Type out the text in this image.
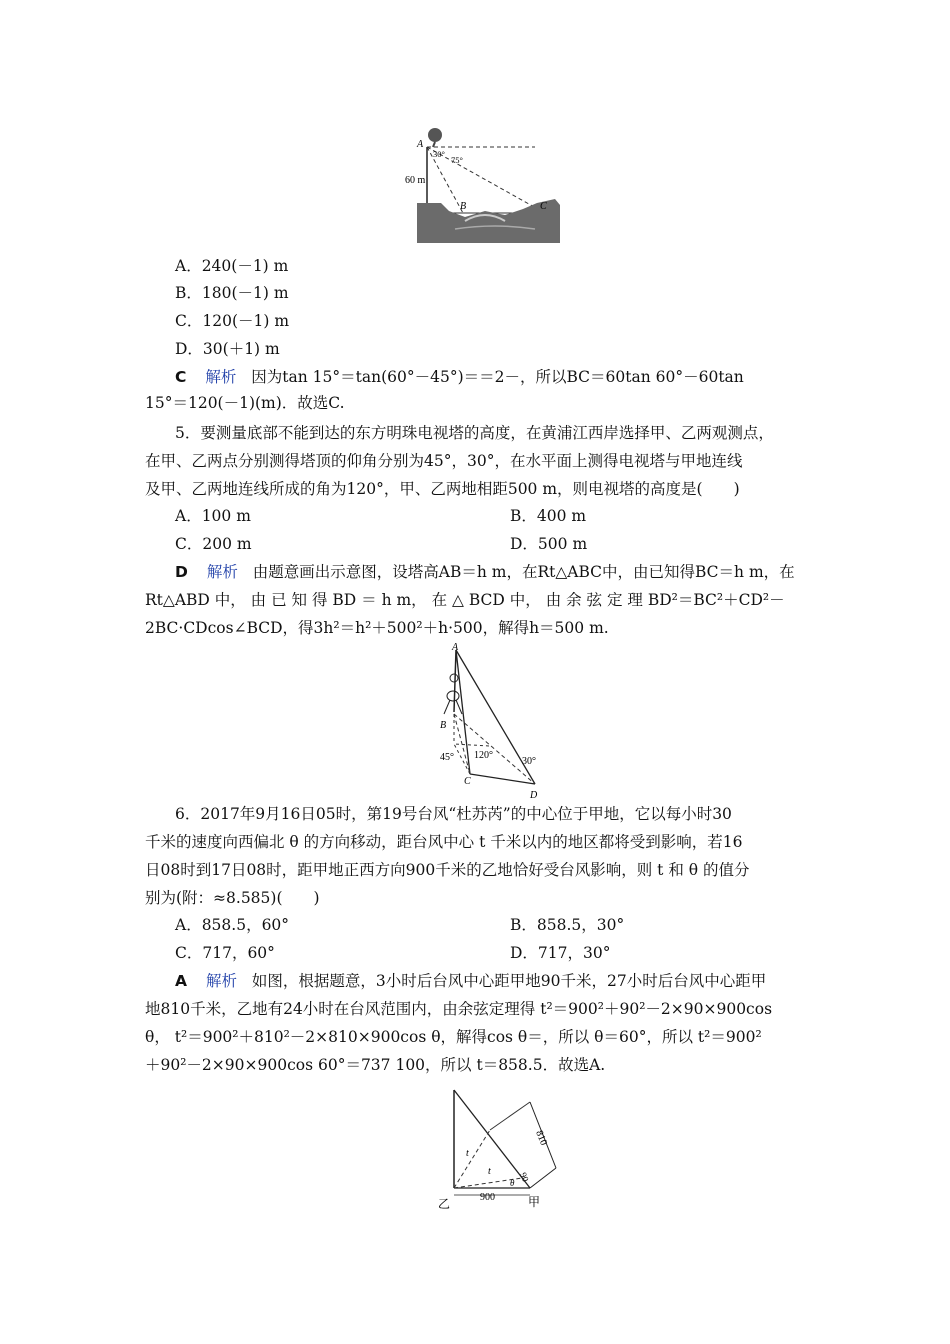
A
B	C
60 m
30°
75°
A．240(－1) m
B．180(－1) m
C．120(－1) m
D．30(＋1) m
C 解析 因为tan 15°＝tan(60°－45°)＝＝2－，所以BC＝60tan 60°－60tan
15°＝120(－1)(m)．故选C.
5．要测量底部不能到达的东方明珠电视塔的高度，在黄浦江西岸选择甲、乙两观测点，
在甲、乙两点分别测得塔顶的仰角分别为45°，30°，在水平面上测得电视塔与甲地连线
及甲、乙两地连线所成的角为120°，甲、乙两地相距500 m，则电视塔的高度是(　　)
A．100 m	B．400 m
C．200 m	D．500 m
D 解析 由题意画出示意图，设塔高AB＝h m，在Rt△ABC中，由已知得BC＝h m，在
Rt△ABD 中， 由 已 知 得 BD ＝ h m， 在 △ BCD 中， 由 余 弦 定 理 BD²＝BC²＋CD²－
2BC·CDcos∠BCD，得3h²＝h²＋500²＋h·500，解得h＝500 m.
A
B
C
D
45° 120°
30°
6．2017年9月16日05时，第19号台风“杜苏芮”的中心位于甲地，它以每小时30
千米的速度向西偏北 θ 的方向移动，距台风中心 t 千米以内的地区都将受到影响，若16
日08时到17日08时，距甲地正西方向900千米的乙地恰好受台风影响，则 t 和 θ 的值分
别为(附：≈8.585)(　　)
A．858.5，60°	B．858.5，30°
C．717，60°	D．717，30°
A 解析 如图，根据题意，3小时后台风中心距甲地90千米，27小时后台风中心距甲
地810千米，乙地有24小时在台风范围内，由余弦定理得 t²＝900²＋90²－2×90×900cos
θ， t²＝900²＋810²－2×810×900cos θ，解得cos θ＝，所以 θ＝60°，所以 t²＝900²
＋90²－2×90×900cos 60°＝737 100，所以 t＝858.5．故选A.
乙	甲
900
810
90
t
t
θ
